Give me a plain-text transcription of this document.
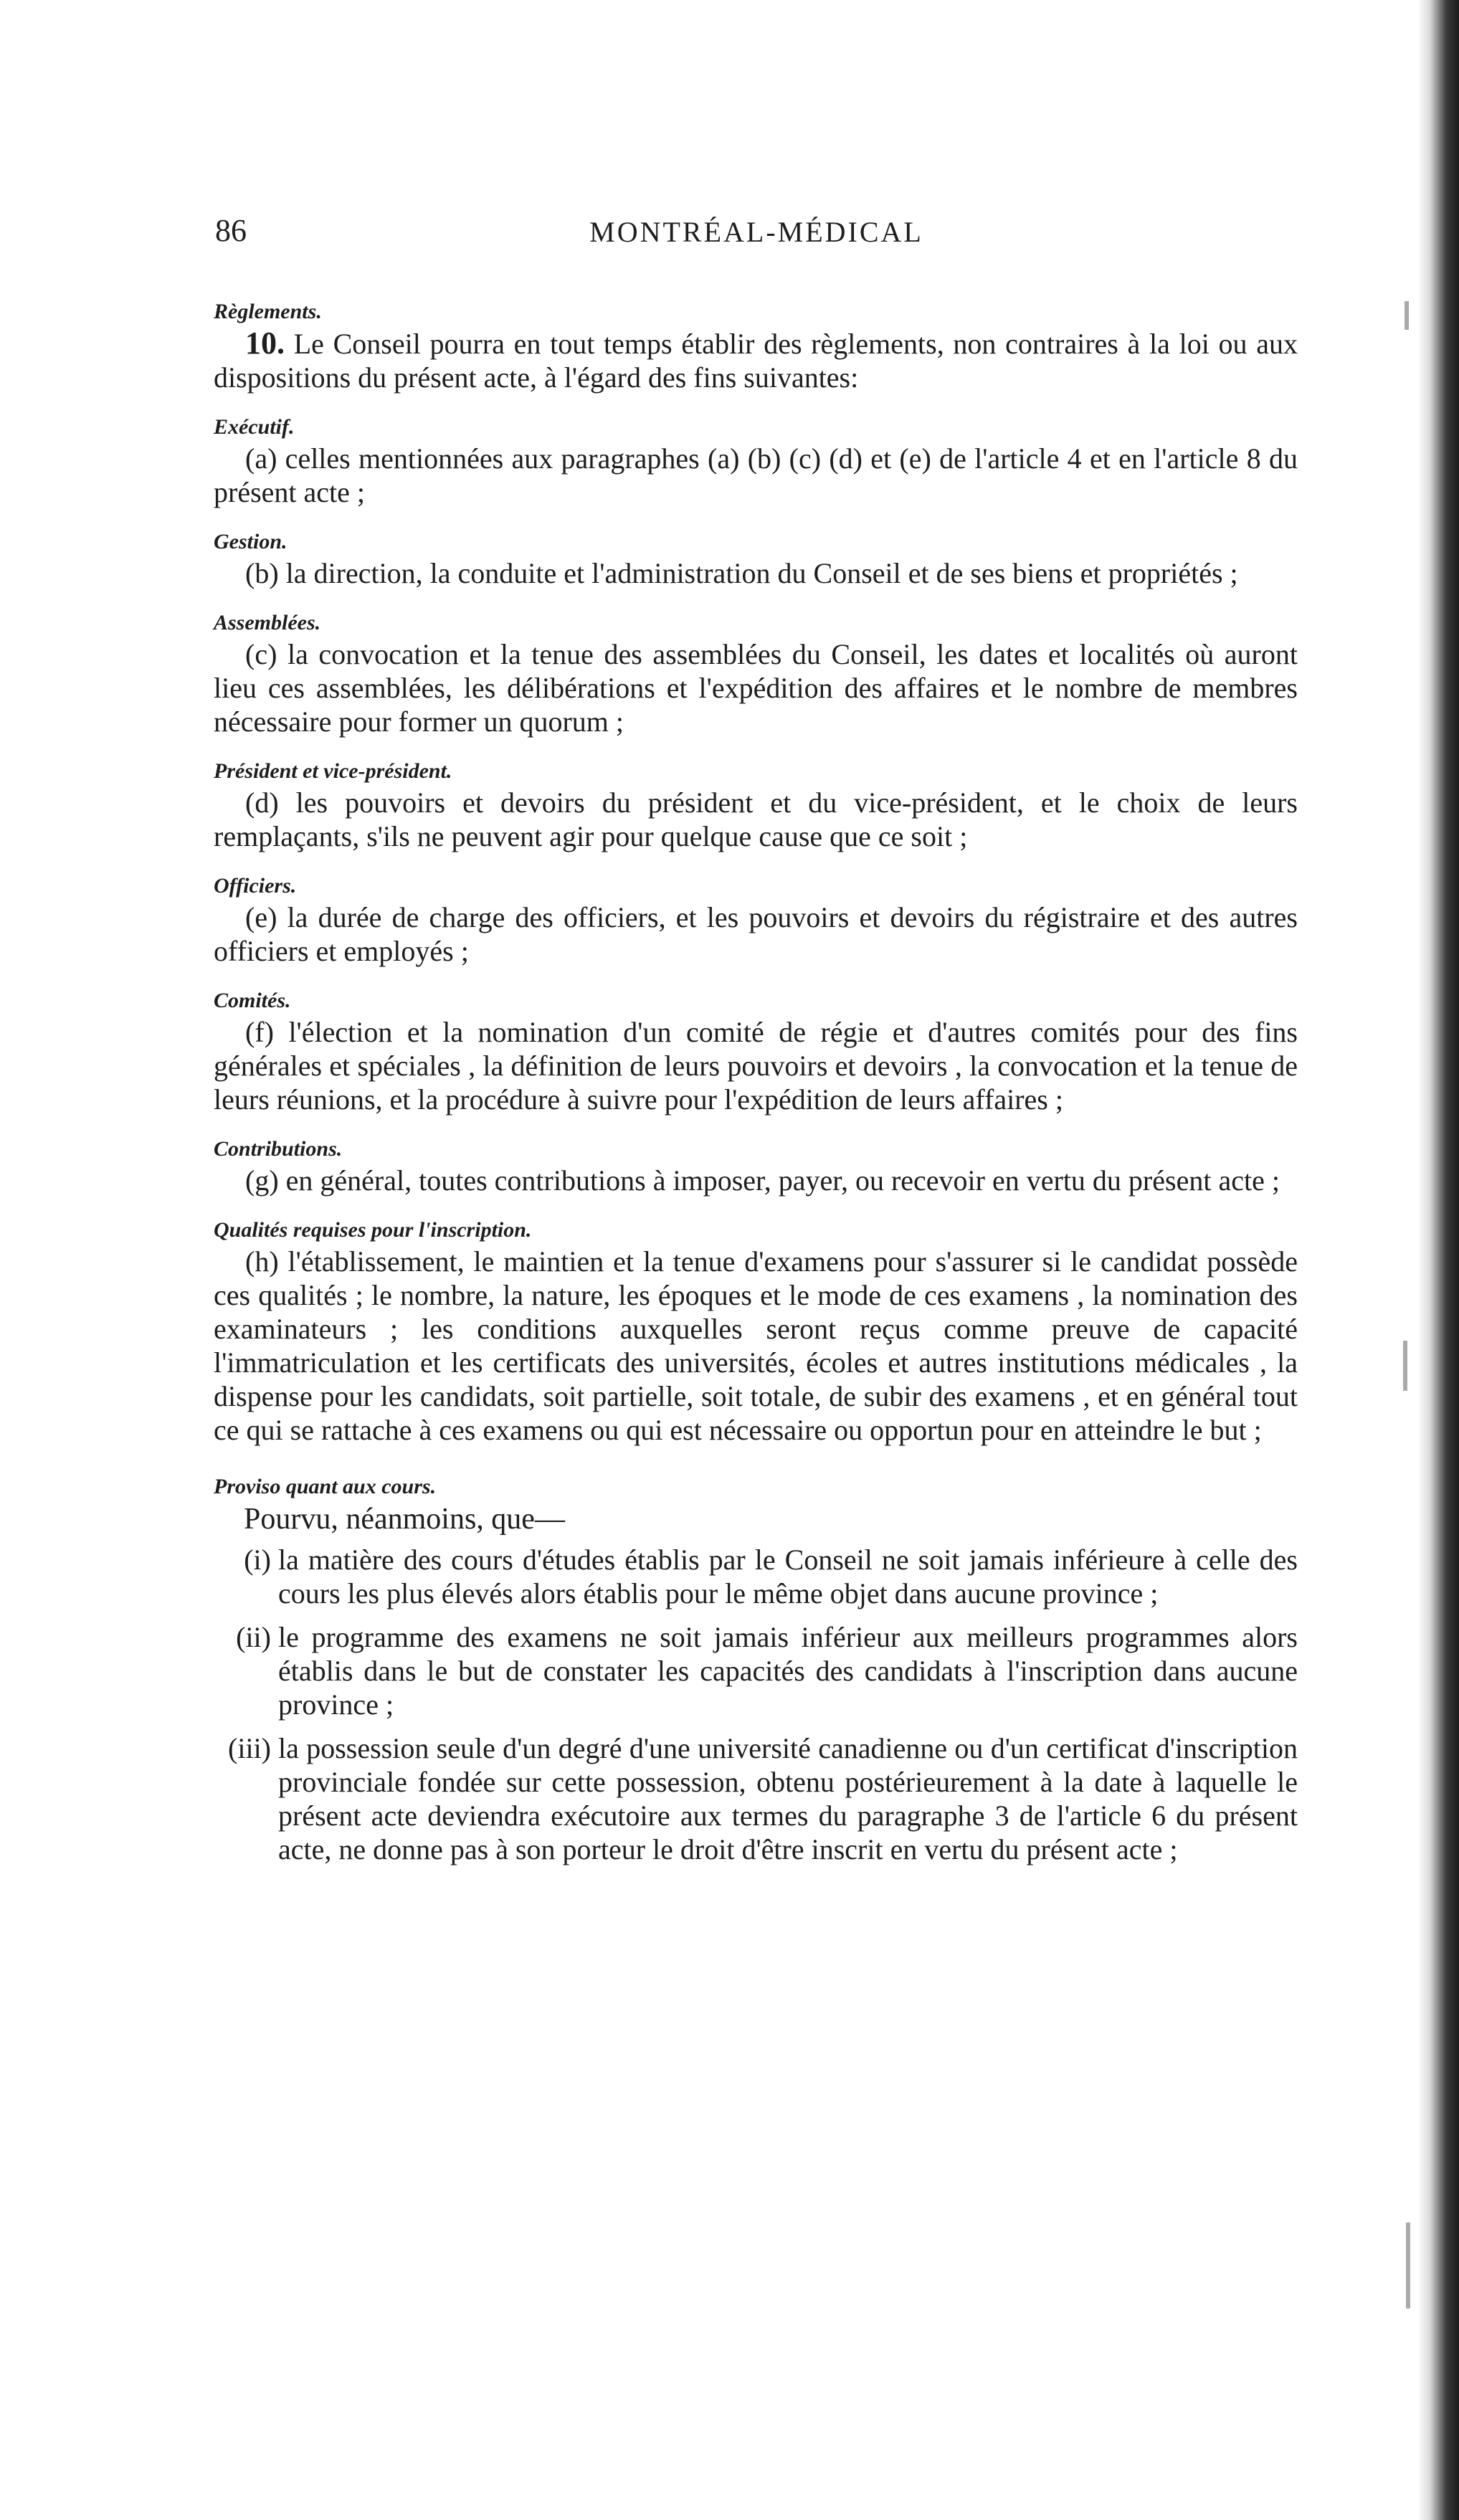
86	MONTRÉAL-MÉDICAL
Règlements.

10. Le Conseil pourra en tout temps établir des règlements, non contraires à la loi ou aux dispositions du présent acte, à l'égard des fins suivantes:

Exécutif.

(a) celles mentionnées aux paragraphes (a) (b) (c) (d) et (e) de l'article 4 et en l'article 8 du présent acte ;

Gestion.

(b) la direction, la conduite et l'administration du Conseil et de ses biens et propriétés ;

Assemblées.

(c) la convocation et la tenue des assemblées du Conseil, les dates et localités où auront lieu ces assemblées, les délibérations et l'expédition des affaires et le nombre de membres nécessaire pour former un quorum ;

Président et vice-président.

(d) les pouvoirs et devoirs du président et du vice-président, et le choix de leurs remplaçants, s'ils ne peuvent agir pour quelque cause que ce soit ;

Officiers.

(e) la durée de charge des officiers, et les pouvoirs et devoirs du régistraire et des autres officiers et employés ;

Comités.

(f) l'élection et la nomination d'un comité de régie et d'autres comités pour des fins générales et spéciales , la définition de leurs pouvoirs et devoirs , la convocation et la tenue de leurs réunions, et la procédure à suivre pour l'expédition de leurs affaires ;

Contributions.

(g) en général, toutes contributions à imposer, payer, ou recevoir en vertu du présent acte ;

Qualités requises pour l'inscription.

(h) l'établissement, le maintien et la tenue d'examens pour s'assurer si le candidat possède ces qualités ; le nombre, la nature, les époques et le mode de ces examens , la nomination des examinateurs ; les conditions auxquelles seront reçus comme preuve de capacité l'immatriculation et les certificats des universités, écoles et autres institutions médicales , la dispense pour les candidats, soit partielle, soit totale, de subir des examens , et en général tout ce qui se rattache à ces examens ou qui est nécessaire ou opportun pour en atteindre le but ;

Proviso quant aux cours.
Pourvu, néanmoins, que—
(i) la matière des cours d'études établis par le Conseil ne soit jamais inférieure à celle des cours les plus élevés alors établis pour le même objet dans aucune province ;
(ii) le programme des examens ne soit jamais inférieur aux meilleurs programmes alors établis dans le but de constater les capacités des candidats à l'inscription dans aucune province ;
(iii) la possession seule d'un degré d'une université canadienne ou d'un certificat d'inscription provinciale fondée sur cette possession, obtenu postérieurement à la date à laquelle le présent acte deviendra exécutoire aux termes du paragraphe 3 de l'article 6 du présent acte, ne donne pas à son porteur le droit d'être inscrit en vertu du présent acte ;
